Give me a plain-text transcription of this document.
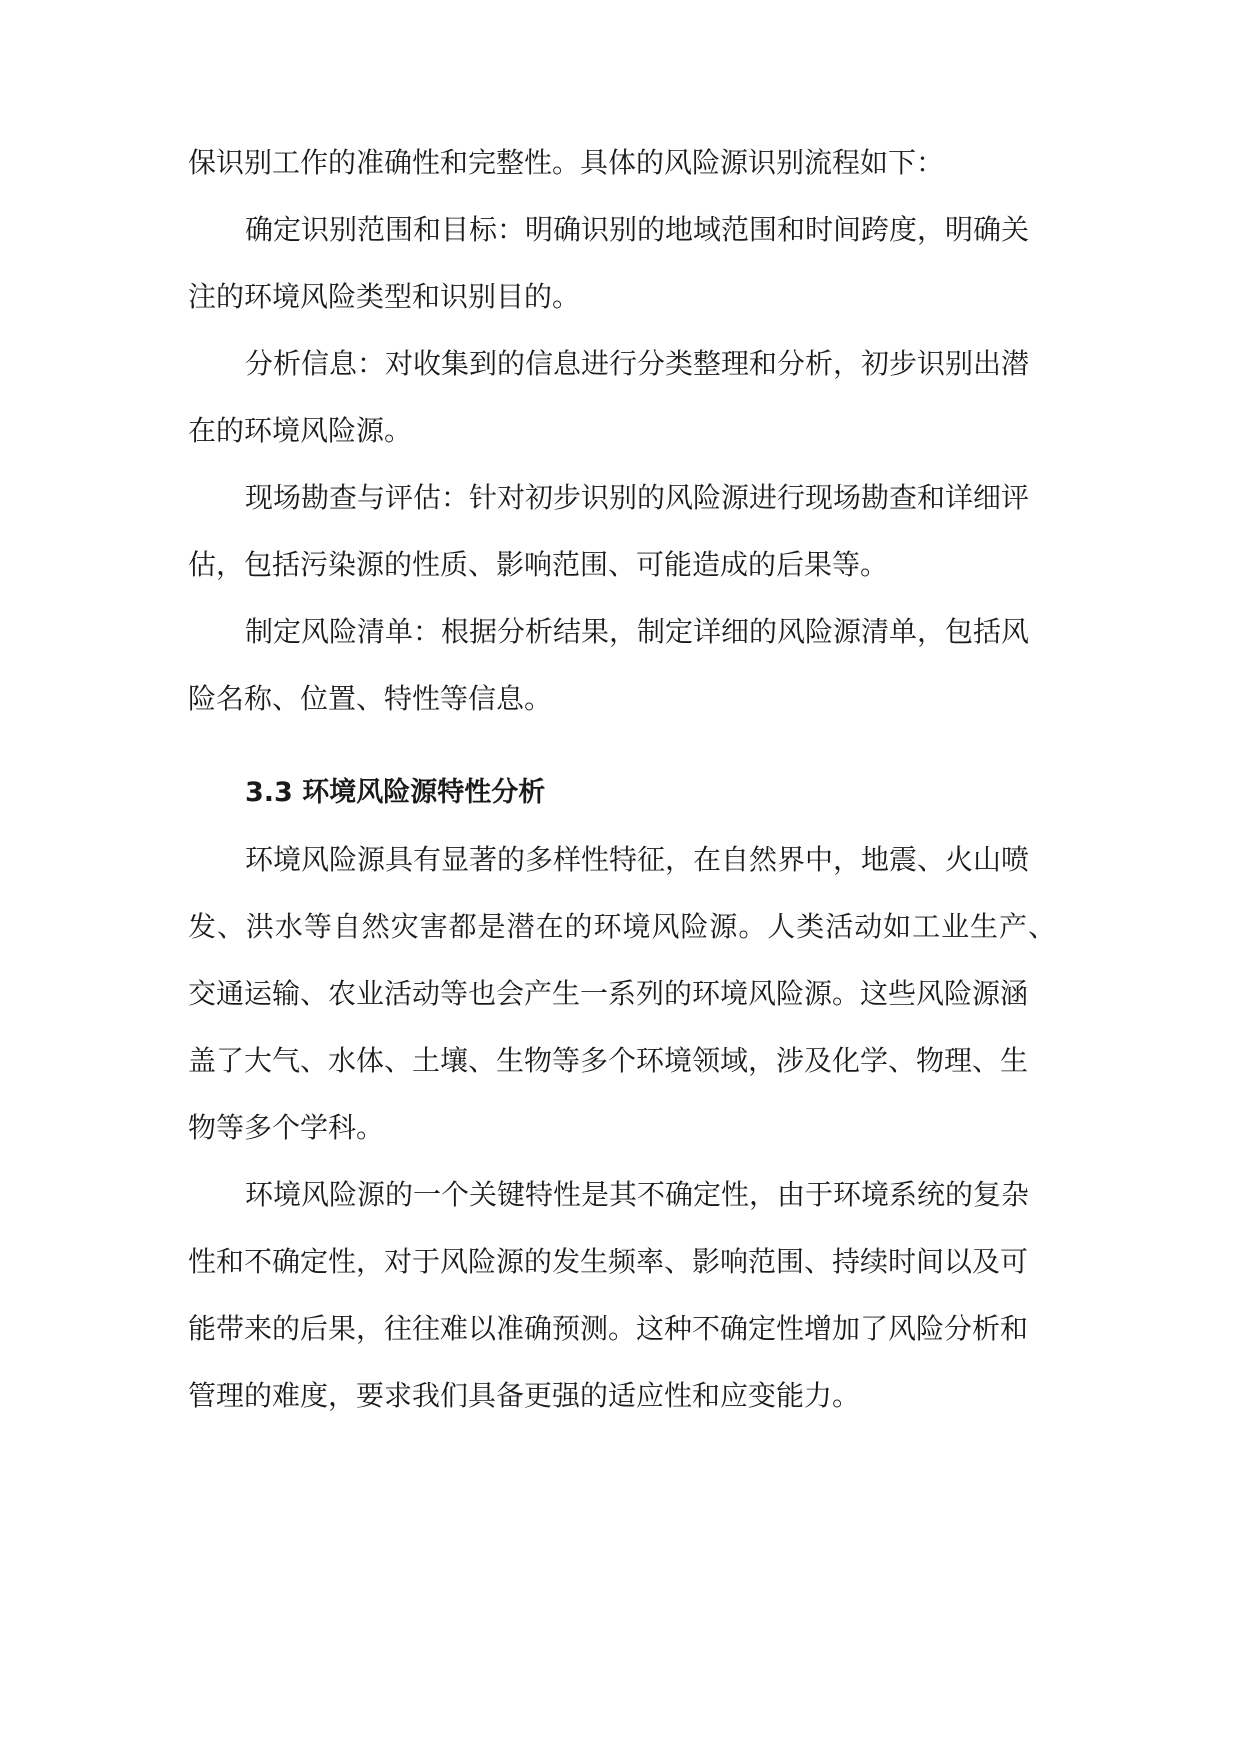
保识别工作的准确性和完整性。具体的风险源识别流程如下：
确定识别范围和目标：明确识别的地域范围和时间跨度，明确关
注的环境风险类型和识别目的。
分析信息：对收集到的信息进行分类整理和分析，初步识别出潜
在的环境风险源。
现场勘查与评估：针对初步识别的风险源进行现场勘查和详细评
估，包括污染源的性质、影响范围、可能造成的后果等。
制定风险清单：根据分析结果，制定详细的风险源清单，包括风
险名称、位置、特性等信息。
3.3 环境风险源特性分析
环境风险源具有显著的多样性特征，在自然界中，地震、火山喷
发、洪水等自然灾害都是潜在的环境风险源。人类活动如工业生产、
交通运输、农业活动等也会产生一系列的环境风险源。这些风险源涵
盖了大气、水体、土壤、生物等多个环境领域，涉及化学、物理、生
物等多个学科。
环境风险源的一个关键特性是其不确定性，由于环境系统的复杂
性和不确定性，对于风险源的发生频率、影响范围、持续时间以及可
能带来的后果，往往难以准确预测。这种不确定性增加了风险分析和
管理的难度，要求我们具备更强的适应性和应变能力。
